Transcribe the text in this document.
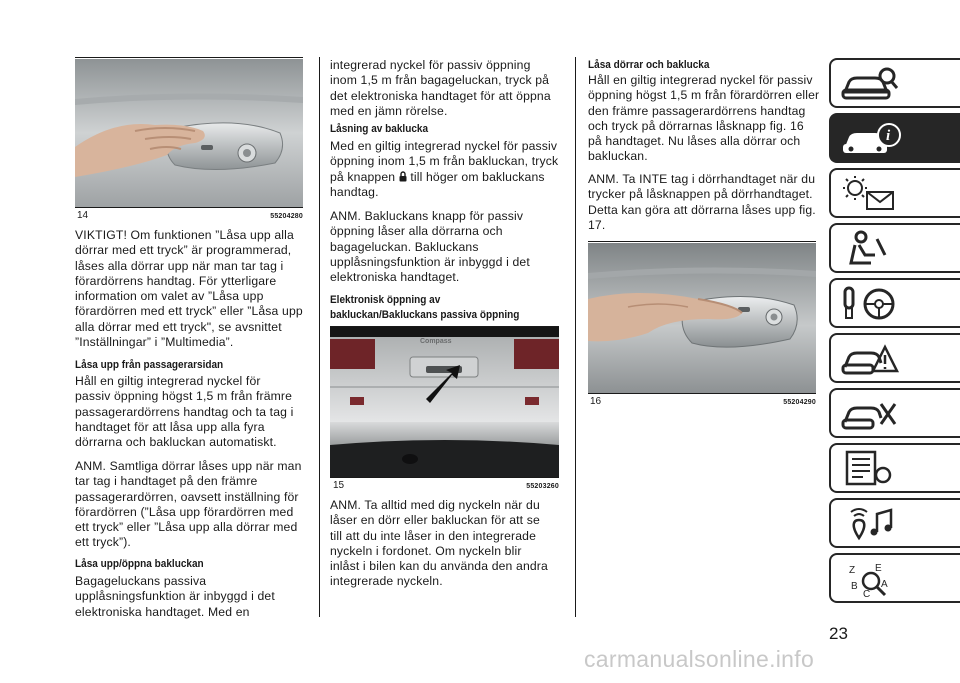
14	55204280

VIKTIGT! Om funktionen ”Låsa upp alla dörrar med ett tryck” är programmerad, låses alla dörrar upp när man tar tag i förardörrens handtag. För ytterligare information om valet av ”Låsa upp förardörren med ett tryck” eller ”Låsa upp alla dörrar med ett tryck", se avsnittet ”Inställningar” i ”Multimedia”.

Låsa upp från passagerarsidan

Håll en giltig integrerad nyckel för passiv öppning högst 1,5 m från främre passagerardörrens handtag och ta tag i handtaget för att låsa upp alla fyra dörrarna och bakluckan automatiskt.

ANM. Samtliga dörrar låses upp när man tar tag i handtaget på den främre passagerardörren, oavsett inställning för förardörren (”Låsa upp förardörren med ett tryck” eller ”Låsa upp alla dörrar med ett tryck”).

Låsa upp/öppna bakluckan

Bagageluckans passiva upplåsningsfunktion är inbyggd i det elektroniska handtaget. Med en

integrerad nyckel för passiv öppning inom 1,5 m från bagageluckan, tryck på det elektroniska handtaget för att öppna med en jämn rörelse.

Låsning av baklucka

Med en giltig integrerad nyckel för passiv öppning inom 1,5 m från bakluckan, tryck på knappen till höger om bakluckans handtag.

ANM. Bakluckans knapp för passiv öppning låser alla dörrarna och bagageluckan. Bakluckans upplåsningsfunktion är inbyggd i det elektroniska handtaget.

Elektronisk öppning av

bakluckan/Bakluckans passiva öppning

Compass
15	55203260

ANM. Ta alltid med dig nyckeln när du låser en dörr eller bakluckan för att se till att du inte låser in den integrerade nyckeln i fordonet. Om nyckeln blir inlåst i bilen kan du använda den andra integrerade nyckeln.

Låsa dörrar och baklucka

Håll en giltig integrerad nyckel för passiv öppning högst 1,5 m från förardörren eller den främre passagerardörrens handtag och tryck på dörrarnas låsknapp fig. 16 på handtaget. Nu låses alla dörrar och bakluckan.

ANM. Ta INTE tag i dörrhandtaget när du trycker på låsknappen på dörrhandtaget. Detta kan göra att dörrarna låses upp fig. 17.

16	55204290
i
Z E
B A
C
23
carmanualsonline.info
